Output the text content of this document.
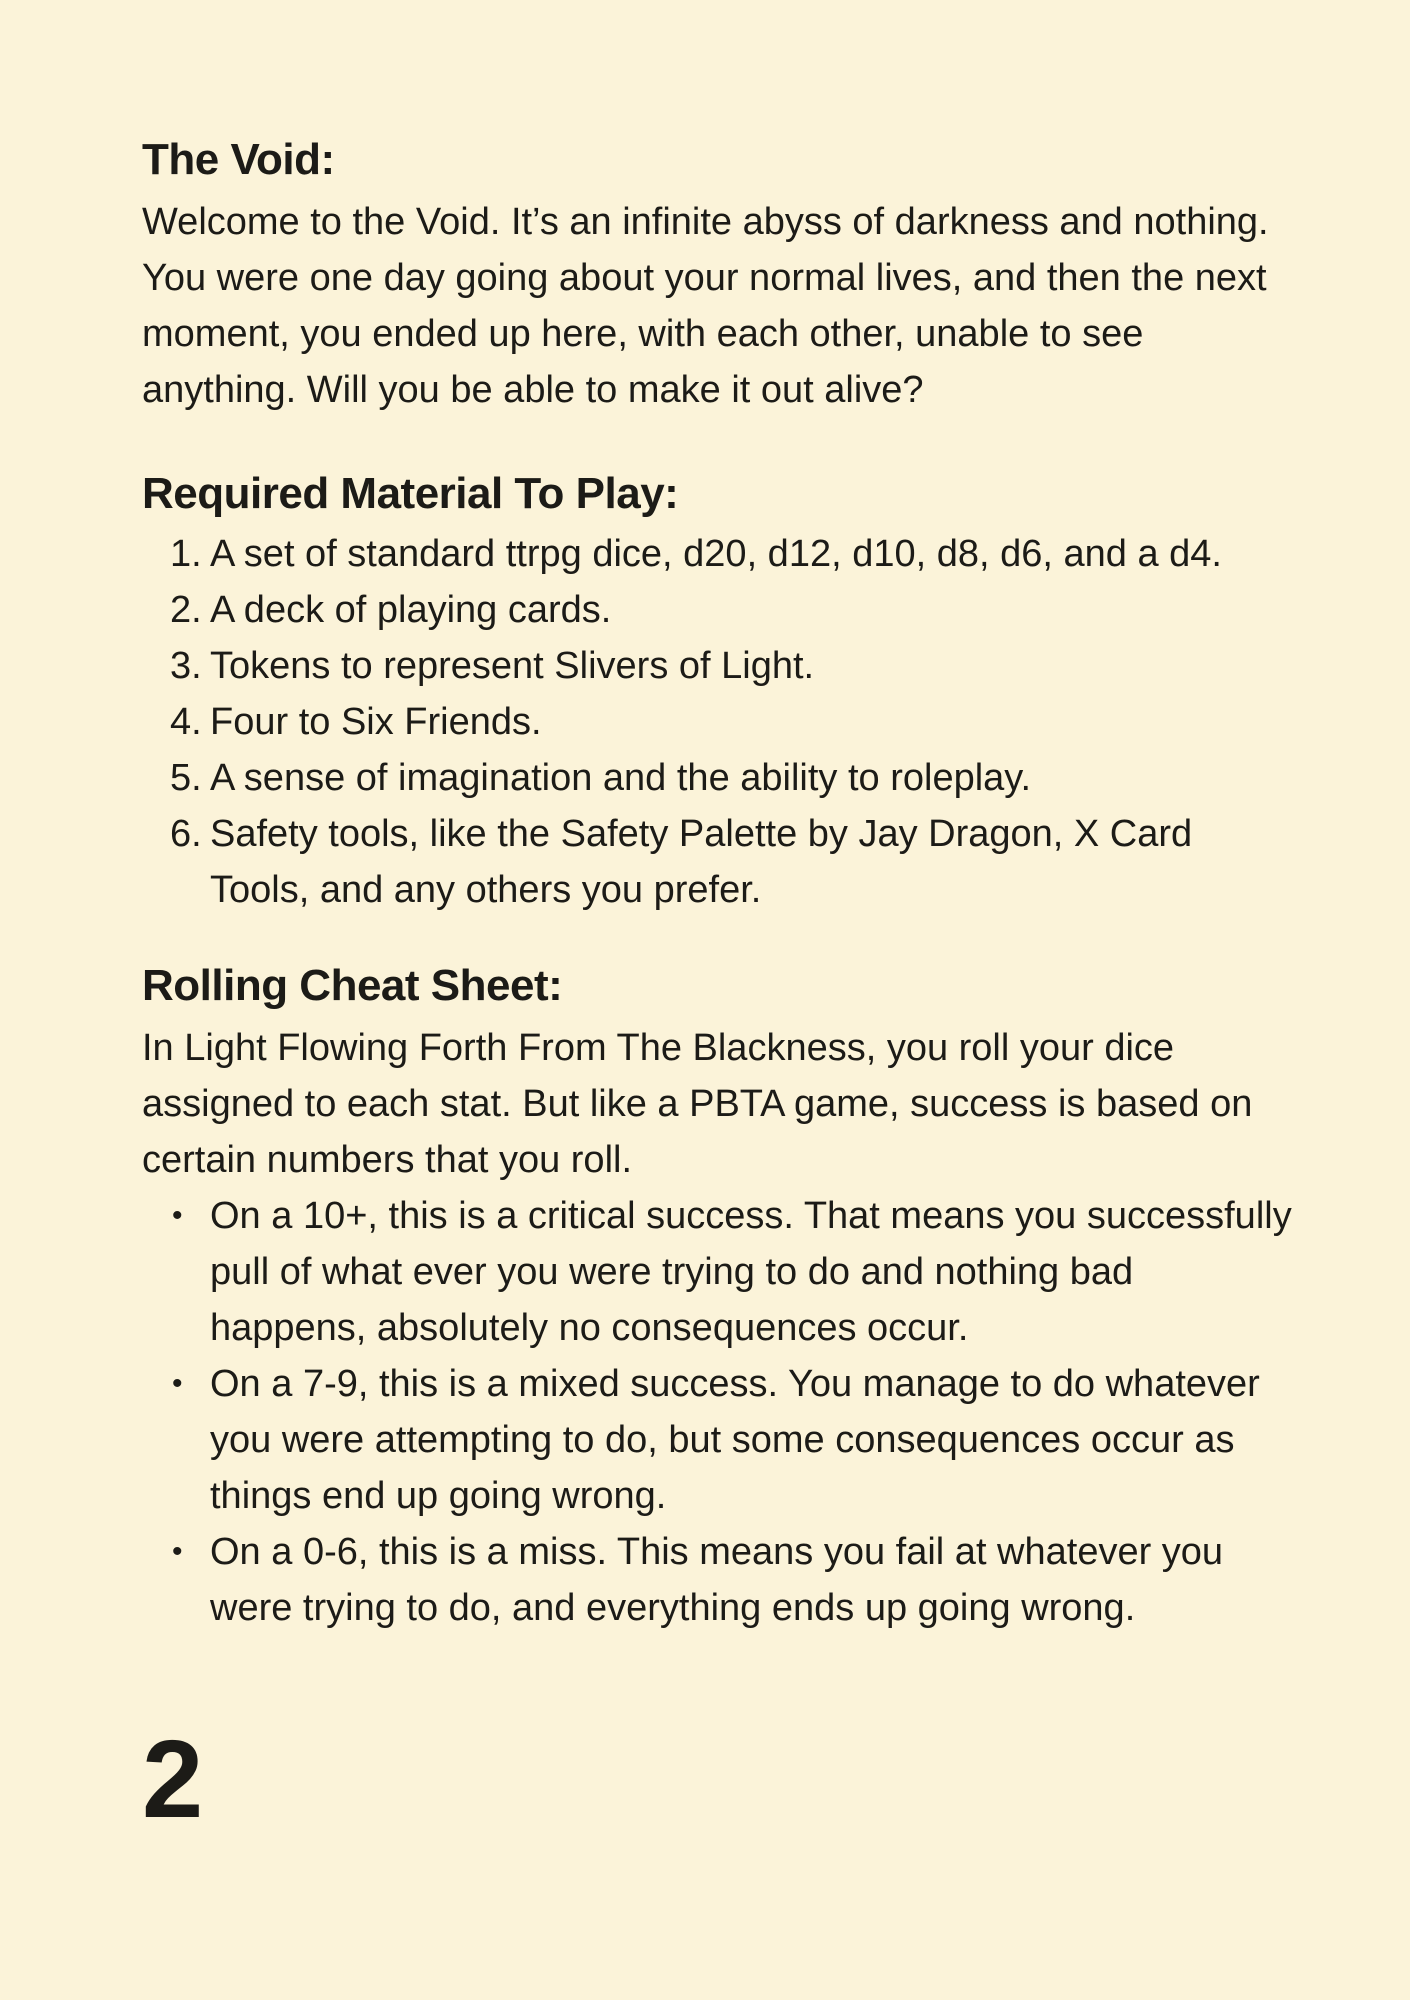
The Void:

Welcome to the Void. It’s an infinite abyss of darkness and nothing. You were one day going about your normal lives, and then the next moment, you ended up here, with each other, unable to see anything. Will you be able to make it out alive?

Required Material To Play:
1. A set of standard ttrpg dice, d20, d12, d10, d8, d6, and a d4.
2. A deck of playing cards.
3. Tokens to represent Slivers of Light.
4. Four to Six Friends.
5. A sense of imagination and the ability to roleplay.
6. Safety tools, like the Safety Palette by Jay Dragon, X Card Tools, and any others you prefer.
Rolling Cheat Sheet:

In Light Flowing Forth From The Blackness, you roll your dice assigned to each stat. But like a PBTA game, success is based on certain numbers that you roll.

• On a 10+, this is a critical success. That means you successfully pull of what ever you were trying to do and nothing bad happens, absolutely no consequences occur.
• On a 7-9, this is a mixed success. You manage to do whatever you were attempting to do, but some consequences occur as things end up going wrong.
• On a 0-6, this is a miss. This means you fail at whatever you were trying to do, and everything ends up going wrong.
2
